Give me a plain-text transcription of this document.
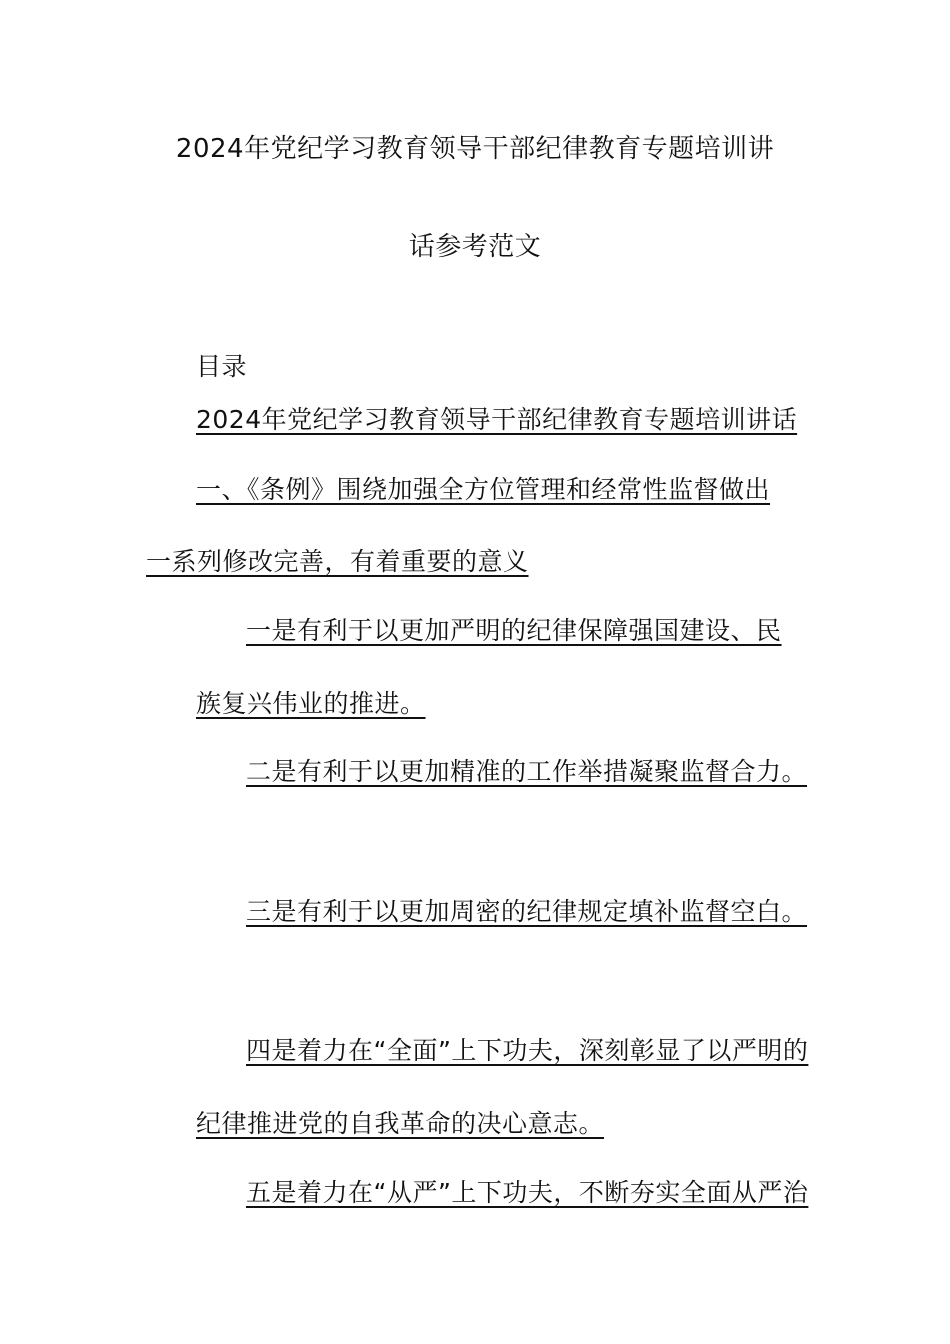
2024年党纪学习教育领导干部纪律教育专题培训讲
话参考范文
目录
2024年党纪学习教育领导干部纪律教育专题培训讲话
一、《条例》围绕加强全方位管理和经常性监督做出
一系列修改完善，有着重要的意义
一是有利于以更加严明的纪律保障强国建设、民
族复兴伟业的推进。
二是有利于以更加精准的工作举措凝聚监督合力。
三是有利于以更加周密的纪律规定填补监督空白。
四是着力在“全面”上下功夫，深刻彰显了以严明的
纪律推进党的自我革命的决心意志。
五是着力在“从严”上下功夫，不断夯实全面从严治
